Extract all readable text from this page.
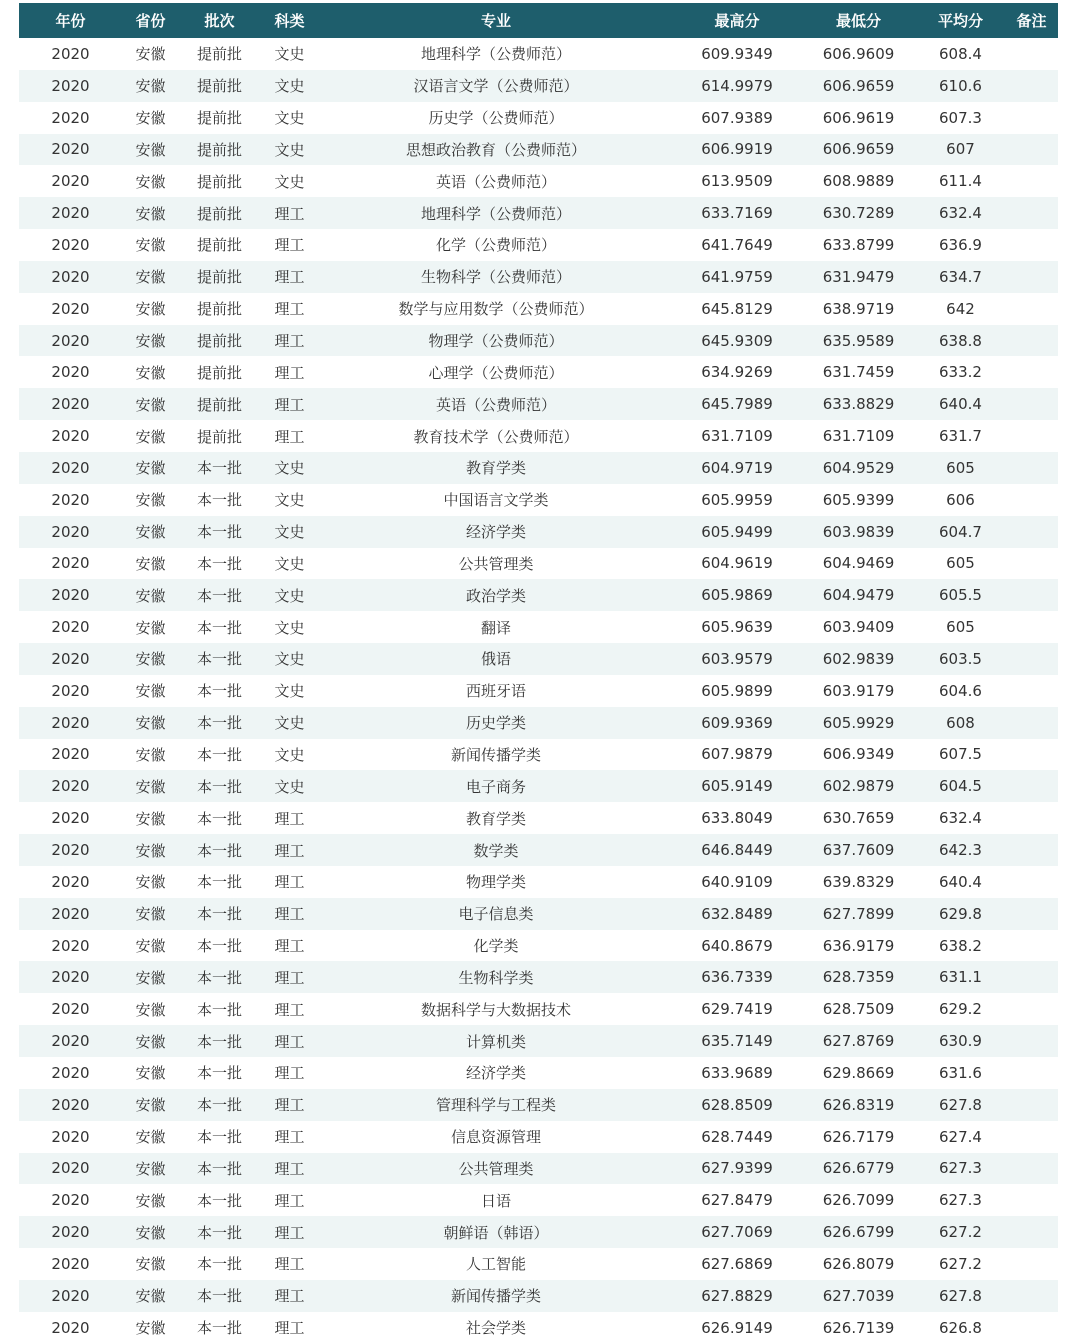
年份	省份	批次	科类	专业	最高分	最低分	平均分	备注
2020	安徽	提前批	文史	地理科学（公费师范）	609.9349	606.9609	608.4	
2020	安徽	提前批	文史	汉语言文学（公费师范）	614.9979	606.9659	610.6	
2020	安徽	提前批	文史	历史学（公费师范）	607.9389	606.9619	607.3	
2020	安徽	提前批	文史	思想政治教育（公费师范）	606.9919	606.9659	607	
2020	安徽	提前批	文史	英语（公费师范）	613.9509	608.9889	611.4	
2020	安徽	提前批	理工	地理科学（公费师范）	633.7169	630.7289	632.4	
2020	安徽	提前批	理工	化学（公费师范）	641.7649	633.8799	636.9	
2020	安徽	提前批	理工	生物科学（公费师范）	641.9759	631.9479	634.7	
2020	安徽	提前批	理工	数学与应用数学（公费师范）	645.8129	638.9719	642	
2020	安徽	提前批	理工	物理学（公费师范）	645.9309	635.9589	638.8	
2020	安徽	提前批	理工	心理学（公费师范）	634.9269	631.7459	633.2	
2020	安徽	提前批	理工	英语（公费师范）	645.7989	633.8829	640.4	
2020	安徽	提前批	理工	教育技术学（公费师范）	631.7109	631.7109	631.7	
2020	安徽	本一批	文史	教育学类	604.9719	604.9529	605	
2020	安徽	本一批	文史	中国语言文学类	605.9959	605.9399	606	
2020	安徽	本一批	文史	经济学类	605.9499	603.9839	604.7	
2020	安徽	本一批	文史	公共管理类	604.9619	604.9469	605	
2020	安徽	本一批	文史	政治学类	605.9869	604.9479	605.5	
2020	安徽	本一批	文史	翻译	605.9639	603.9409	605	
2020	安徽	本一批	文史	俄语	603.9579	602.9839	603.5	
2020	安徽	本一批	文史	西班牙语	605.9899	603.9179	604.6	
2020	安徽	本一批	文史	历史学类	609.9369	605.9929	608	
2020	安徽	本一批	文史	新闻传播学类	607.9879	606.9349	607.5	
2020	安徽	本一批	文史	电子商务	605.9149	602.9879	604.5	
2020	安徽	本一批	理工	教育学类	633.8049	630.7659	632.4	
2020	安徽	本一批	理工	数学类	646.8449	637.7609	642.3	
2020	安徽	本一批	理工	物理学类	640.9109	639.8329	640.4	
2020	安徽	本一批	理工	电子信息类	632.8489	627.7899	629.8	
2020	安徽	本一批	理工	化学类	640.8679	636.9179	638.2	
2020	安徽	本一批	理工	生物科学类	636.7339	628.7359	631.1	
2020	安徽	本一批	理工	数据科学与大数据技术	629.7419	628.7509	629.2	
2020	安徽	本一批	理工	计算机类	635.7149	627.8769	630.9	
2020	安徽	本一批	理工	经济学类	633.9689	629.8669	631.6	
2020	安徽	本一批	理工	管理科学与工程类	628.8509	626.8319	627.8	
2020	安徽	本一批	理工	信息资源管理	628.7449	626.7179	627.4	
2020	安徽	本一批	理工	公共管理类	627.9399	626.6779	627.3	
2020	安徽	本一批	理工	日语	627.8479	626.7099	627.3	
2020	安徽	本一批	理工	朝鲜语（韩语）	627.7069	626.6799	627.2	
2020	安徽	本一批	理工	人工智能	627.6869	626.8079	627.2	
2020	安徽	本一批	理工	新闻传播学类	627.8829	627.7039	627.8	
2020	安徽	本一批	理工	社会学类	626.9149	626.7139	626.8	
